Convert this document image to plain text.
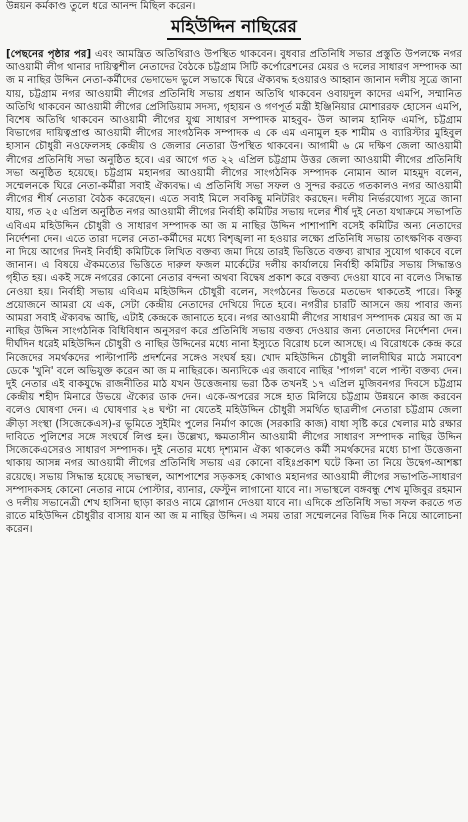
উন্নয়ন কর্মকাণ্ড তুলে ধরে আনন্দ মিছিল করেন।
মহিউদ্দিন নাছিরের
[পেছনের পৃষ্ঠার পর] এবং আমন্ত্রিত অতিথিরাও উপস্থিত থাকবেন। বুধবার প্রতিনিধি সভার প্রস্তুতি উপলক্ষে নগর আওয়ামী লীগ থানার দায়িত্বশীল নেতাদের বৈঠকে চট্টগ্রাম সিটি কর্পোরেশনের মেয়র ও দলের সাধারণ সম্পাদক আ জ ম নাছির উদ্দিন নেতা-কর্মীদের ভেদাভেদ ভুলে সভাকে ঘিরে ঐক্যবদ্ধ হওয়ারও আহ্বান জানান দলীয় সূত্রে জানা যায়, চট্টগ্রাম নগর আওয়ামী লীগের প্রতিনিধি সভায় প্রধান অতিথি থাকবেন ওবায়দুল কাদের এমপি, সম্মানিত অতিথি থাকবেন আওয়ামী লীগের প্রেসিডিয়াম সদস্য, গৃহায়ন ও গণপূর্ত মন্ত্রী ইঞ্জিনিয়ার মোশাররফ হোসেন এমপি, বিশেষ অতিথি থাকবেন আওয়ামী লীগের যুগ্ম সাধারণ সম্পাদক মাহবুব- উল আলম হানিফ এমপি, চট্টগ্রাম বিভাগের দায়িত্বপ্রাপ্ত আওয়ামী লীগের সাংগঠনিক সম্পাদক এ কে এম এনামুল হক শামীম ও ব্যারিস্টার মুহিবুল হাসান চৌধুরী নওফেলসহ কেন্দ্রীয় ও জেলার নেতারা উপস্থিত থাকবেন। আগামী ৬ মে দক্ষিণ জেলা আওয়ামী লীগের প্রতিনিধি সভা অনুষ্ঠিত হবে। এর আগে গত ২২ এপ্রিল চট্টগ্রাম উত্তর জেলা আওয়ামী লীগের প্রতিনিধি সভা অনুষ্ঠিত হয়েছে। চট্টগ্রাম মহানগর আওয়ামী লীগের সাংগঠনিক সম্পাদক নোমান আল মাহমুদ বলেন, সম্মেলনকে ঘিরে নেতা-কর্মীরা সবাই ঐক্যবদ্ধ। এ প্রতিনিধি সভা সফল ও সুন্দর করতে গতকালও নগর আওয়ামী লীগের শীর্ষ নেতারা বৈঠক করেছেন। এতে সবাই মিলে সবকিছু মনিটরিং করছেন। দলীয় নির্ভরযোগ্য সূত্রে জানা যায়, গত ২৫ এপ্রিল অনুষ্ঠিত নগর আওয়ামী লীগের নির্বাহী কমিটির সভায় দলের শীর্ষ দুই নেতা যথাক্রমে সভাপতি এবিএম মহিউদ্দিন চৌধুরী ও সাধারণ সম্পাদক আ জ ম নাছির উদ্দিন পাশাপাশি বসেই কমিটির অন্য নেতাদের নির্দেশনা দেন। এতে তারা দলের নেতা-কর্মীদের মধ্যে বিশৃঙ্খলা না হওয়ার লক্ষ্যে প্রতিনিধি সভায় তাৎক্ষণিক বক্তব্য না দিয়ে আগের দিনই নির্বাহী কমিটিকে লিখিত বক্তব্য জমা দিয়ে তারই ভিত্তিতে বক্তব্য রাখার সুযোগ থাকবে বলে জানান। এ বিষয়ে ঐকমত্যের ভিত্তিতে দারুল ফজল মার্কেটের দলীয় কার্যালয়ে নির্বাহী কমিটির সভায় সিদ্ধান্তও গৃহীত হয়। একই সঙ্গে নগরের কোনো নেতার বন্দনা অথবা বিদ্বেষ প্রকাশ করে বক্তব্য দেওয়া যাবে না বলেও সিদ্ধান্ত নেওয়া হয়। নির্বাহী সভায় এবিএম মহিউদ্দিন চৌধুরী বলেন, সংগঠনের ভিতরে মতভেদ থাকতেই পারে। কিন্তু প্রয়োজনে আমরা যে এক, সেটা কেন্দ্রীয় নেতাদের দেখিয়ে দিতে হবে। নগরীর চারটি আসনে জয় পাবার জন্য আমরা সবাই ঐক্যবদ্ধ আছি, এটাই কেন্দ্রকে জানাতে হবে। নগর আওয়ামী লীগের সাধারণ সম্পাদক মেয়র আ জ ম নাছির উদ্দিন সাংগঠনিক বিধিবিধান অনুসরণ করে প্রতিনিধি সভায় বক্তব্য দেওয়ার জন্য নেতাদের নির্দেশনা দেন। দীর্ঘদিন ধরেই মহিউদ্দিন চৌধুরী ও নাছির উদ্দিনের মধ্যে নানা ইস্যুতে বিরোধ চলে আসছে। এ বিরোধকে কেন্দ্র করে নিজেদের সমর্থকদের পাল্টাপাল্টি প্রদর্শনের সঙ্গেও সংঘর্ষ হয়। খোদ মহিউদ্দিন চৌধুরী লালদীঘির মাঠে সমাবেশ ডেকে 'খুনি' বলে অভিযুক্ত করেন আ জ ম নাছিরকে। অন্যদিকে এর জবাবে নাছির 'পাগল' বলে পাল্টা বক্তব্য দেন। দুই নেতার এই বাকযুদ্ধে রাজনীতির মাঠ যখন উত্তেজনায় ভরা ঠিক তখনই ১৭ এপ্রিল মুজিবনগর দিবসে চট্টগ্রাম কেন্দ্রীয় শহীদ মিনারে উভয়ে ঐক্যের ডাক দেন। একে-অপরের সঙ্গে হাত মিলিয়ে চট্টগ্রাম উন্নয়নে কাজ করবেন বলেও ঘোষণা দেন। এ ঘোষণার ২৪ ঘণ্টা না যেতেই মহিউদ্দিন চৌধুরী সমর্থিত ছাত্রলীগ নেতারা চট্টগ্রাম জেলা ক্রীড়া সংস্থা (সিজেকেএস)-র ভূমিতে সুইমিং পুলের নির্মাণ কাজে (সরকারি কাজ) বাধা সৃষ্টি করে খেলার মাঠ রক্ষার দাবিতে পুলিশের সঙ্গে সংঘর্ষে লিপ্ত হন। উল্লেখ্য, ক্ষমতাসীন আওয়ামী লীগের সাধারণ সম্পাদক নাছির উদ্দিন সিজেকেএসেরও সাধারণ সম্পাদক। দুই নেতার মধ্যে দৃশ্যমান ঐক্য থাকলেও কর্মী সমর্থকদের মধ্যে চাপা উত্তেজনা থাকায় আসন্ন নগর আওয়ামী লীগের প্রতিনিধি সভায় এর কোনো বহিঃপ্রকাশ ঘটে কিনা তা নিয়ে উদ্বেগ-আশঙ্কা রয়েছে। সভায় সিদ্ধান্ত হয়েছে সভাস্থল, আশপাশের সড়কসহ কোথাও মহানগর আওয়ামী লীগের সভাপতি-সাধারণ সম্পাদকসহ কোনো নেতার নামে পোস্টার, ব্যানার, ফেস্টুন লাগানো যাবে না। সভাস্থলে বঙ্গবন্ধু শেখ মুজিবুর রহমান ও দলীয় সভানেত্রী শেখ হাসিনা ছাড়া কারও নামে স্লোগান দেওয়া যাবে না। এদিকে প্রতিনিধি সভা সফল করতে গত রাতে মহিউদ্দিন চৌধুরীর বাসায় যান আ জ ম নাছির উদ্দিন। এ সময় তারা সম্মেলনের বিভিন্ন দিক নিয়ে আলোচনা করেন।
